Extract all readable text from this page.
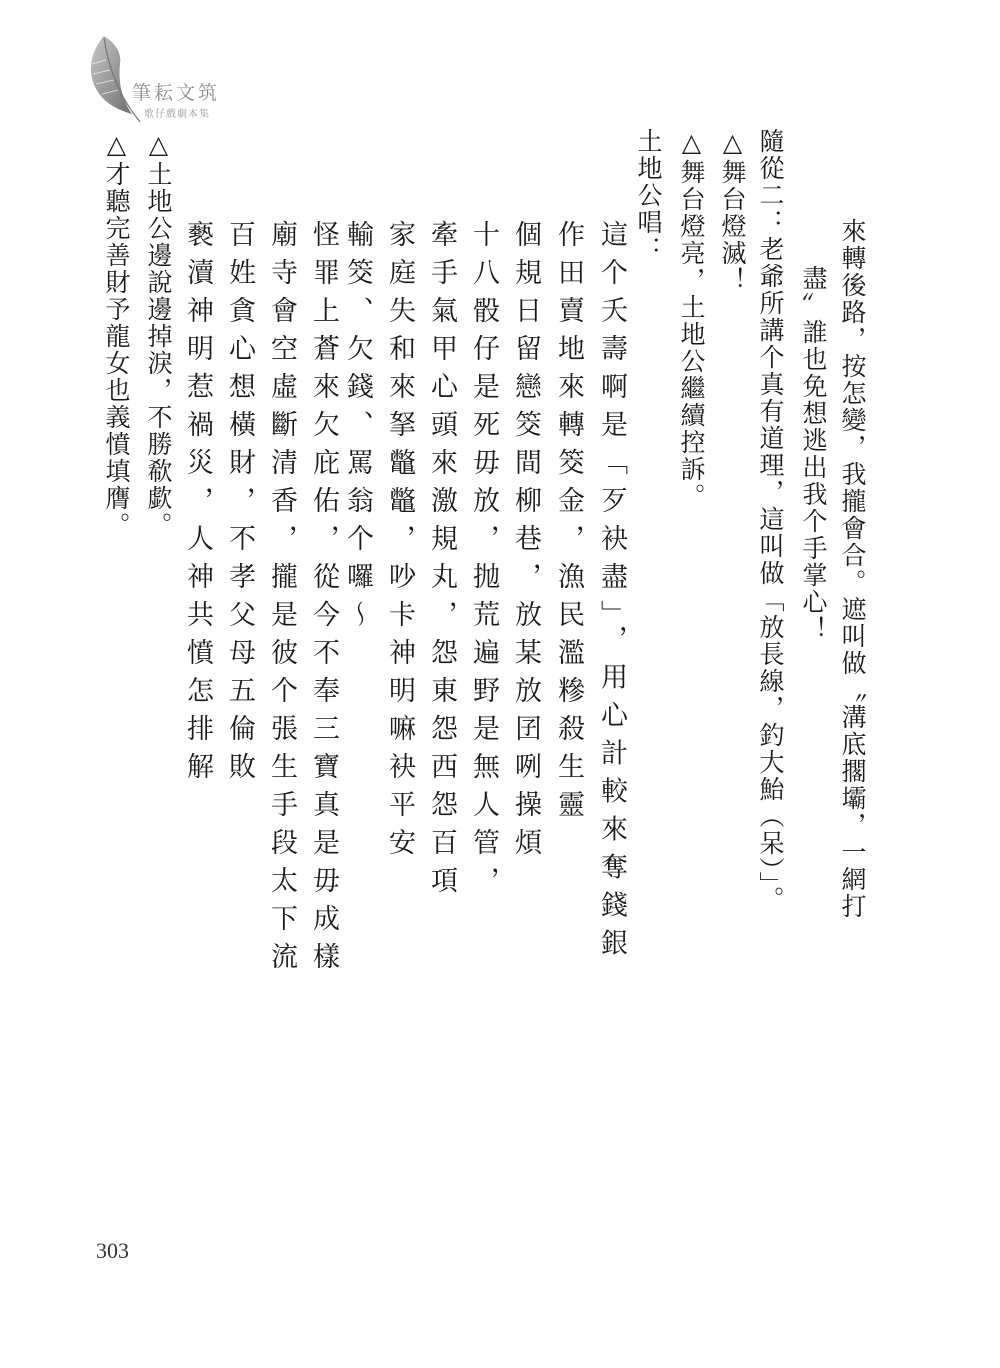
筆耘文筑
歌仔戲劇本集
來轉後路，按怎變，我攏會合。遮叫做〝溝底擱壩，一網打
盡〞誰也免想逃出我个手掌心！
隨從二：老爺所講个真有道理，這叫做「放長線，釣大鮐（呆）」。
△舞台燈滅！
△舞台燈亮，土地公繼續控訴。
土地公唱：
這个夭壽啊是「歹袂盡」，用心計較來奪錢銀
作田賣地來轉筊金，漁民濫糝殺生靈
個規日留戀筊間柳巷，放某放囝咧操煩
十八骰仔是死毋放，抛荒遍野是無人管，
牽手氣甲心頭來激規丸，怨東怨西怨百項
家庭失和來拏鼈鼈，吵卡神明嘛袂平安
輸筊、欠錢、罵翁个囉～
怪罪上蒼來欠庇佑，從今不奉三寶真是毋成樣
廟寺會空虛斷清香，攏是彼个張生手段太下流
百姓貪心想橫財，不孝父母五倫敗
褻瀆神明惹禍災，人神共憤怎排解
△土地公邊說邊掉淚，不勝欷歔。
△才聽完善財予龍女也義憤填膺。
303
